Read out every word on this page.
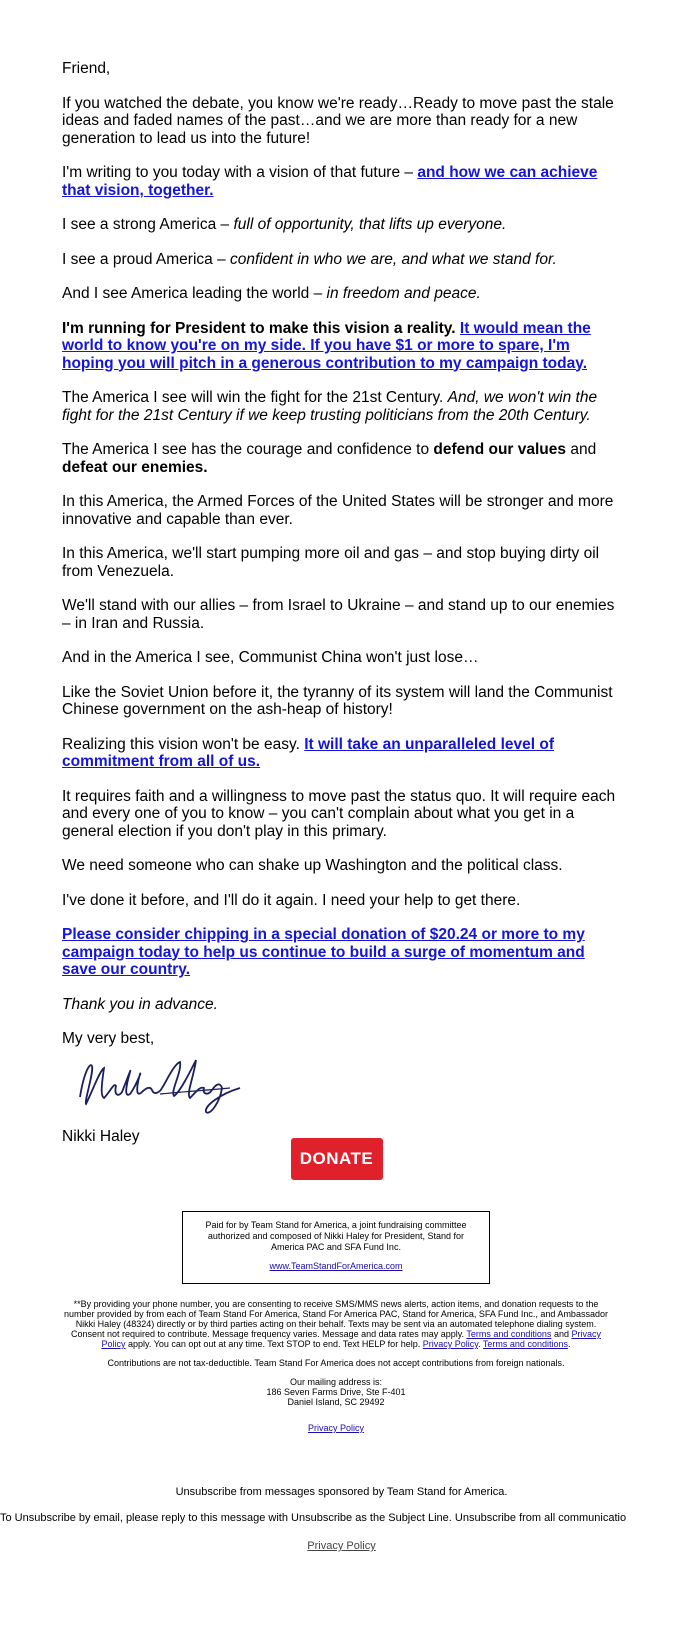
Friend,

If you watched the debate, you know we're ready…Ready to move past the stale ideas and faded names of the past…and we are more than ready for a new generation to lead us into the future!

I'm writing to you today with a vision of that future – and how we can achieve that vision, together.

I see a strong America – full of opportunity, that lifts up everyone.

I see a proud America – confident in who we are, and what we stand for.

And I see America leading the world – in freedom and peace.

I'm running for President to make this vision a reality. It would mean the world to know you're on my side. If you have $1 or more to spare, I'm hoping you will pitch in a generous contribution to my campaign today.

The America I see will win the fight for the 21st Century. And, we won't win the fight for the 21st Century if we keep trusting politicians from the 20th Century.

The America I see has the courage and confidence to defend our values and defeat our enemies.

In this America, the Armed Forces of the United States will be stronger and more innovative and capable than ever.

In this America, we'll start pumping more oil and gas – and stop buying dirty oil from Venezuela.

We'll stand with our allies – from Israel to Ukraine – and stand up to our enemies – in Iran and Russia.

And in the America I see, Communist China won't just lose…

Like the Soviet Union before it, the tyranny of its system will land the Communist Chinese government on the ash-heap of history!

Realizing this vision won't be easy. It will take an unparalleled level of commitment from all of us.

It requires faith and a willingness to move past the status quo. It will require each and every one of you to know – you can't complain about what you get in a general election if you don't play in this primary.

We need someone who can shake up Washington and the political class.

I've done it before, and I'll do it again. I need your help to get there.

Please consider chipping in a special donation of $20.24 or more to my campaign today to help us continue to build a surge of momentum and save our country.

Thank you in advance.

My very best,

Nikki Haley

DONATE

Paid for by Team Stand for America, a joint fundraising committee authorized and composed of Nikki Haley for President, Stand for America PAC and SFA Fund Inc.

www.TeamStandForAmerica.com

**By providing your phone number, you are consenting to receive SMS/MMS news alerts, action items, and donation requests to the number provided by from each of Team Stand For America, Stand For America PAC, Stand for America, SFA Fund Inc., and Ambassador Nikki Haley (48324) directly or by third parties acting on their behalf. Texts may be sent via an automated telephone dialing system. Consent not required to contribute. Message frequency varies. Message and data rates may apply. Terms and conditions and Privacy Policy apply. You can opt out at any time. Text STOP to end. Text HELP for help. Privacy Policy. Terms and conditions.

Contributions are not tax-deductible. Team Stand For America does not accept contributions from foreign nationals.

Our mailing address is:
186 Seven Farms Drive, Ste F-401
Daniel Island, SC 29492

Privacy Policy

Unsubscribe from messages sponsored by Team Stand for America.
To Unsubscribe by email, please reply to this message with Unsubscribe as the Subject Line. Unsubscribe from all communicatio
Privacy Policy
